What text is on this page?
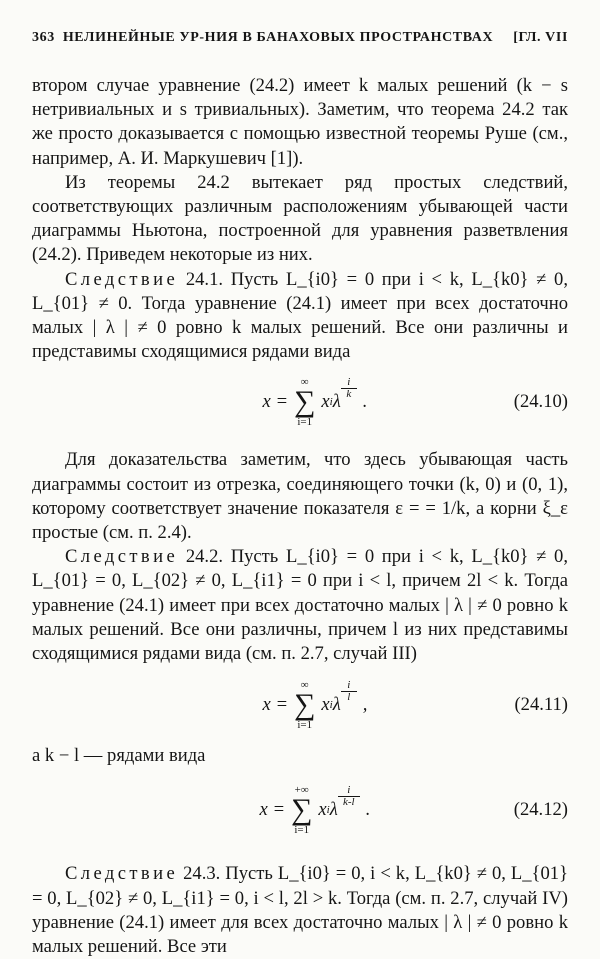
363 НЕЛИНЕЙНЫЕ УР-НИЯ В БАНАХОВЫХ ПРОСТРАНСТВАХ	[ГЛ. VII

втором случае уравнение (24.2) имеет k малых решений (k − s нетривиальных и s тривиальных). Заметим, что теорема 24.2 так же просто доказывается с помощью известной теоремы Руше (см., например, А. И. Маркушевич [1]).

Из теоремы 24.2 вытекает ряд простых следствий, соответствующих различным расположениям убывающей части диаграммы Ньютона, построенной для уравнения разветвления (24.2). Приведем некоторые из них.

Следствие 24.1. Пусть L_{i0} = 0 при i < k, L_{k0} ≠ 0, L_{01} ≠ 0. Тогда уравнение (24.1) имеет при всех достаточно малых | λ | ≠ 0 ровно k малых решений. Все они различны и представимы сходящимися рядами вида

x =
∞
∑
i=1
x i λ
i
k .	(24.10)

Для доказательства заметим, что здесь убывающая часть диаграммы состоит из отрезка, соединяющего точки (k, 0) и (0, 1), которому соответствует значение показателя ε = = 1/k, а корни ξ_ε простые (см. п. 2.4).

Следствие 24.2. Пусть L_{i0} = 0 при i < k, L_{k0} ≠ 0, L_{01} = 0, L_{02} ≠ 0, L_{i1} = 0 при i < l, причем 2l < k. Тогда уравнение (24.1) имеет при всех достаточно малых | λ | ≠ 0 ровно k малых решений. Все они различны, причем l из них представимы сходящимися рядами вида (см. п. 2.7, случай III)

x =
∞
∑
i=1
x i λ
i
l ,	(24.11)

а k − l — рядами вида

x =
+∞
∑
i=1
x i λ
i
k-l .	(24.12)

Следствие 24.3. Пусть L_{i0} = 0, i < k, L_{k0} ≠ 0, L_{01} = 0, L_{02} ≠ 0, L_{i1} = 0, i < l, 2l > k. Тогда (см. п. 2.7, случай IV) уравнение (24.1) имеет для всех достаточно малых | λ | ≠ 0 ровно k малых решений. Все эти
